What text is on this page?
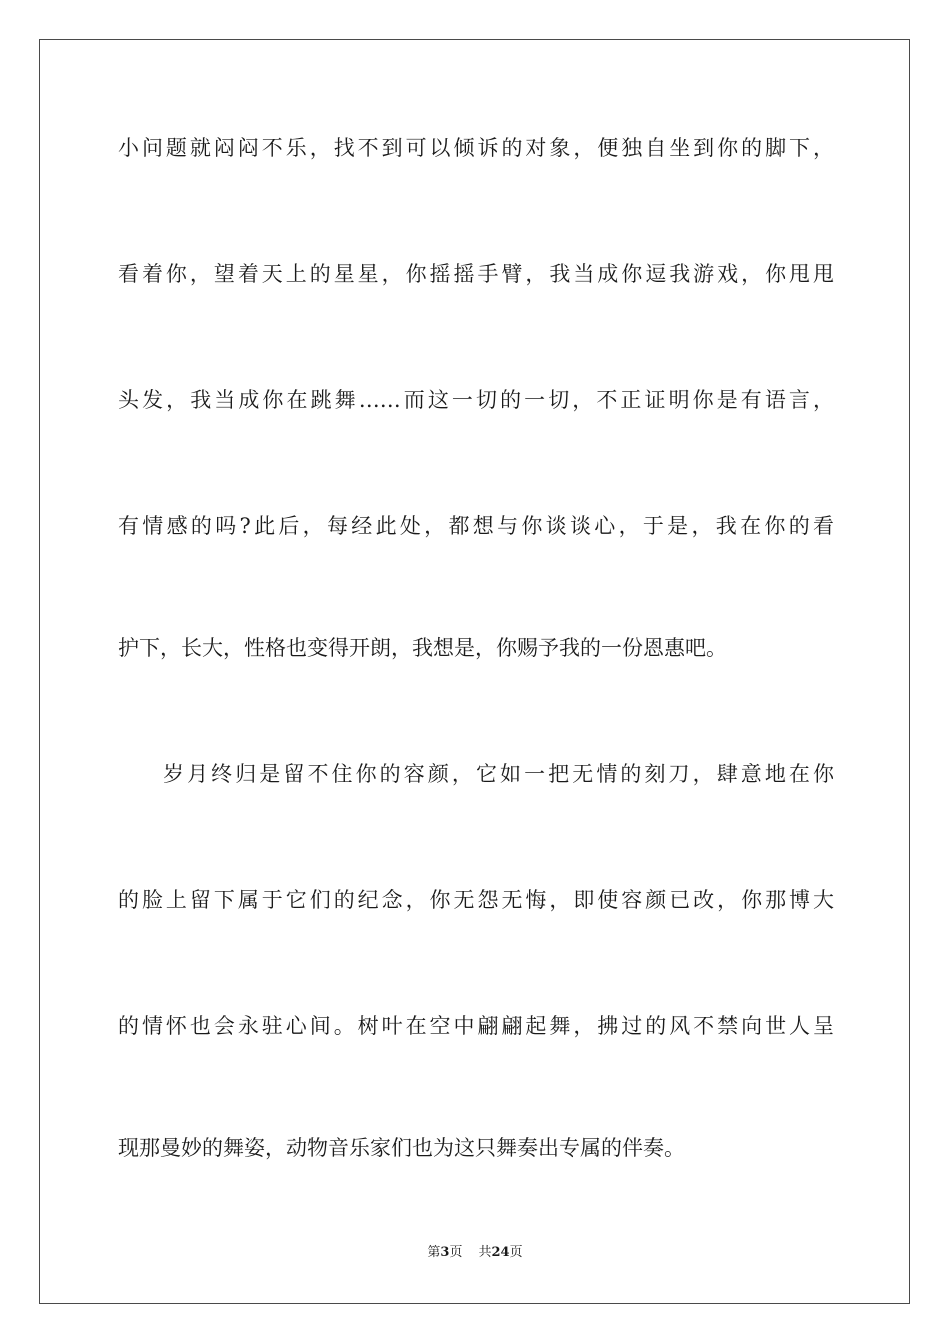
小问题就闷闷不乐，找不到可以倾诉的对象，便独自坐到你的脚下，
看着你，望着天上的星星，你摇摇手臂，我当成你逗我游戏，你甩甩
头发，我当成你在跳舞……而这一切的一切，不正证明你是有语言，
有情感的吗?此后，每经此处，都想与你谈谈心，于是，我在你的看
护下，长大，性格也变得开朗，我想是，你赐予我的一份恩惠吧。
岁月终归是留不住你的容颜，它如一把无情的刻刀，肆意地在你
的脸上留下属于它们的纪念，你无怨无悔，即使容颜已改，你那博大
的情怀也会永驻心间。树叶在空中翩翩起舞，拂过的风不禁向世人呈
现那曼妙的舞姿，动物音乐家们也为这只舞奏出专属的伴奏。
第3页 共24页
